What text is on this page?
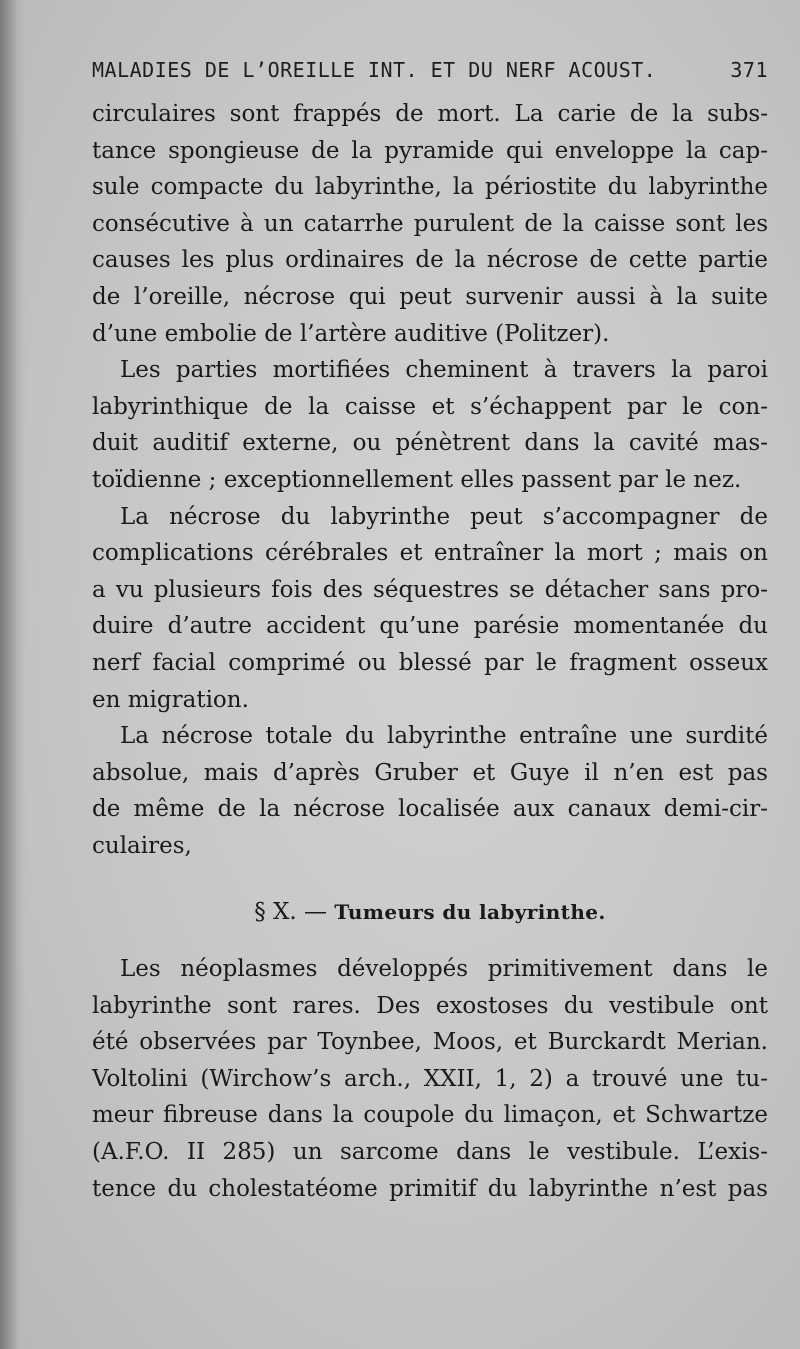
MALADIES DE L’OREILLE INT. ET DU NERF ACOUST.	371

circulaires sont frappés de mort. La carie de la subs-
tance spongieuse de la pyramide qui enveloppe la cap-
sule compacte du labyrinthe, la périostite du labyrinthe
consécutive à un catarrhe purulent de la caisse sont les
causes les plus ordinaires de la nécrose de cette partie
de l’oreille, nécrose qui peut survenir aussi à la suite
d’une embolie de l’artère auditive (Politzer).

Les parties mortifiées cheminent à travers la paroi
labyrinthique de la caisse et s’échappent par le con-
duit auditif externe, ou pénètrent dans la cavité mas-
toïdienne ; exceptionnellement elles passent par le nez.

La nécrose du labyrinthe peut s’accompagner de
complications cérébrales et entraîner la mort ; mais on
a vu plusieurs fois des séquestres se détacher sans pro-
duire d’autre accident qu’une parésie momentanée du
nerf facial comprimé ou blessé par le fragment osseux
en migration.

La nécrose totale du labyrinthe entraîne une surdité
absolue, mais d’après Gruber et Guye il n’en est pas
de même de la nécrose localisée aux canaux demi-cir-
culaires,

§ X. — Tumeurs du labyrinthe.

Les néoplasmes développés primitivement dans le
labyrinthe sont rares. Des exostoses du vestibule ont
été observées par Toynbee, Moos, et Burckardt Merian.
Voltolini (Wirchow’s arch., XXII, 1, 2) a trouvé une tu-
meur fibreuse dans la coupole du limaçon, et Schwartze
(A.F.O. II 285) un sarcome dans le vestibule. L’exis-
tence du cholestatéome primitif du labyrinthe n’est pas
